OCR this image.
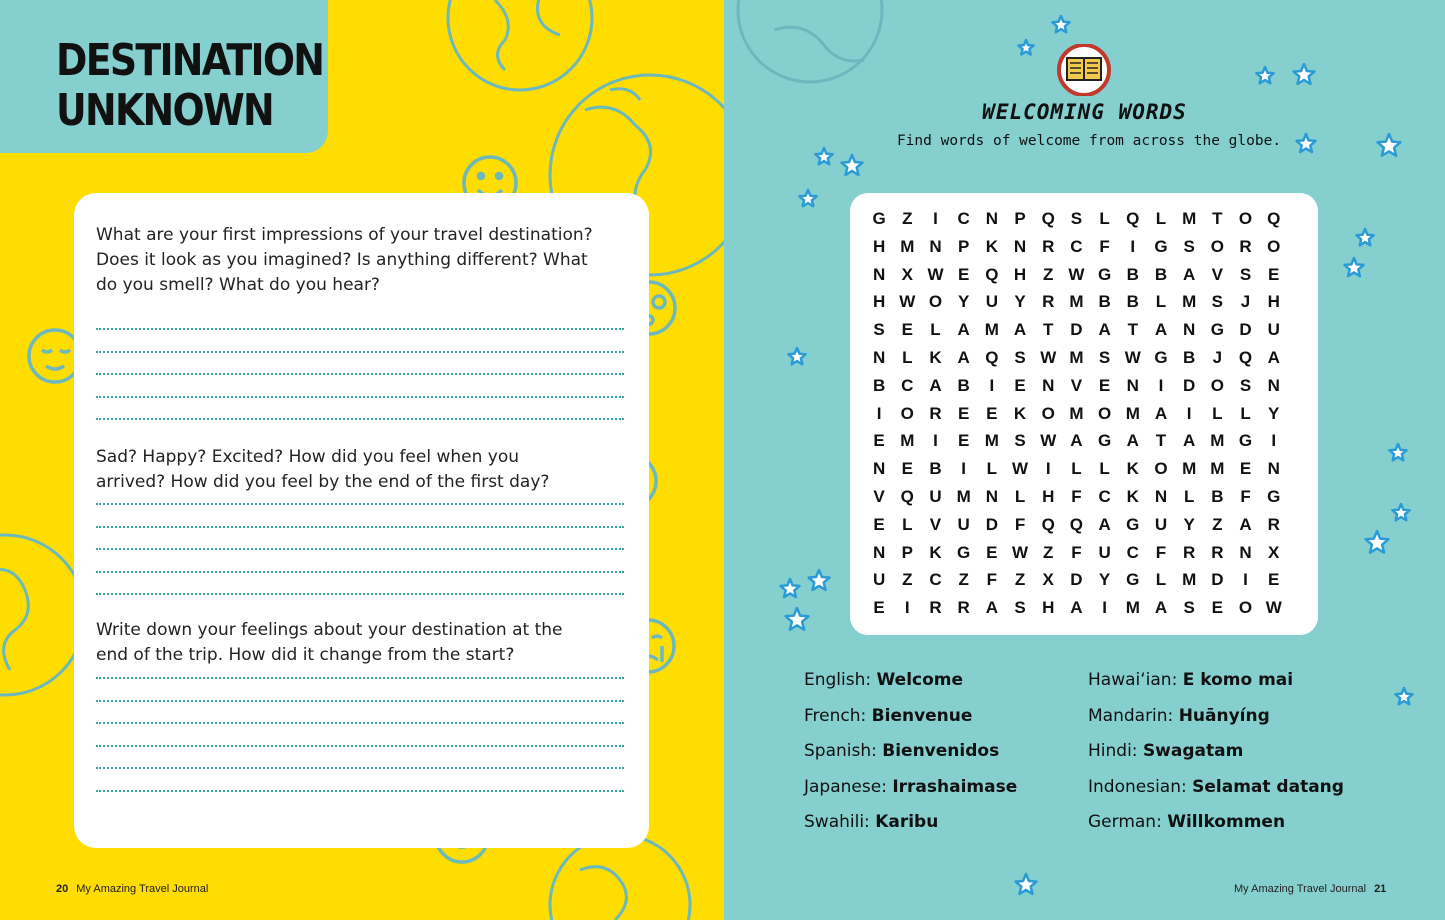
DESTINATION
UNKNOWN

What are your first impressions of your travel destination? Does it look as you imagined? Is anything different? What do you smell? What do you hear?

Sad? Happy? Excited? How did you feel when you arrived? How did you feel by the end of the first day?

Write down your feelings about your destination at the end of the trip. How did it change from the start?

20 My Amazing Travel Journal
WELCOMING WORDS

Find words of welcome from across the globe.

G Z	I	C N P Q S	L Q L M T O Q
H M N P K N R C F	I	G S O R O
N X W E Q H Z W G B B A V S E
H W O Y U Y R M B B L M S	J	H
S E	L A M A T D A T A N G D U
N L K A Q S W M S W G B	J Q A
B C A B	I	E N V E N	I	D O S N
I	O R E E K O M O M A	I	L	L	Y
E M	I	E M S W A G A T A M G	I
N E B	I	L W	I	L	L K O M M E N
V Q U M N L H F C K N L B F G
E	L	V U D F Q Q A G U Y	Z A R
N P K G E W Z	F U C F R R N X
U Z C Z	F	Z	X D Y G L M D	I	E
E	I	R R A S H A	I	M A S E O W
English: Welcome
French: Bienvenue
Spanish: Bienvenidos
Japanese: Irrashaimase
Swahili: Karibu
Hawaiʻian: E komo mai
Mandarin: Huānyíng
Hindi: Swagatam
Indonesian: Selamat datang
German: Willkommen
My Amazing Travel Journal 21
